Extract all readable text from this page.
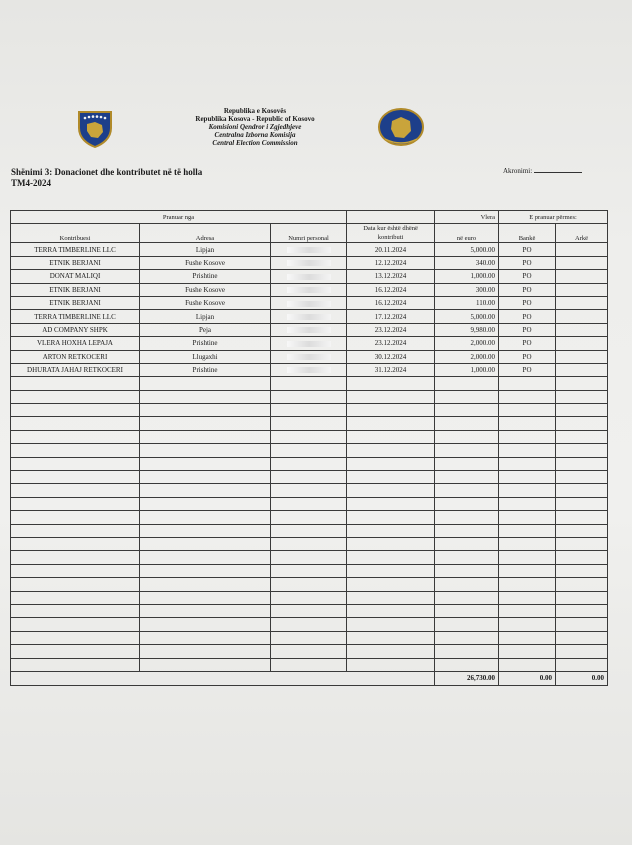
Republika e Kosovës
Republika Kosova - Republic of Kosovo
Komisioni Qendror i Zgjedhjeve
Centralna Izborna Komisija
Central Election Commission
Shënimi 3: Donacionet dhe kontributet në të holla
TM4-2024
Akronimi:
Pranuar nga				Vlera	E pranuar përmes:	
Kontribuesi	Adresa	Numri personal	Data kur është dhënë kontributi	në euro	Bankë	Arkë
TERRA TIMBERLINE LLC	Lipjan		20.11.2024	5,000.00	PO	
ETNIK BERJANI	Fushe Kosove		12.12.2024	340.00	PO	
DONAT MALIQI	Prishtine		13.12.2024	1,000.00	PO	
ETNIK BERJANI	Fushe Kosove		16.12.2024	300.00	PO	
ETNIK BERJANI	Fushe Kosove		16.12.2024	110.00	PO	
TERRA TIMBERLINE LLC	Lipjan		17.12.2024	5,000.00	PO	
AD COMPANY SHPK	Peja		23.12.2024	9,980.00	PO	
VLERA HOXHA LEPAJA	Prishtine		23.12.2024	2,000.00	PO	
ARTON RETKOCERI	Llugaxhi		30.12.2024	2,000.00	PO	
DHURATA JAHAJ RETKOCERI	Prishtine		31.12.2024	1,000.00	PO	

				26,730.00	0.00	0.00
